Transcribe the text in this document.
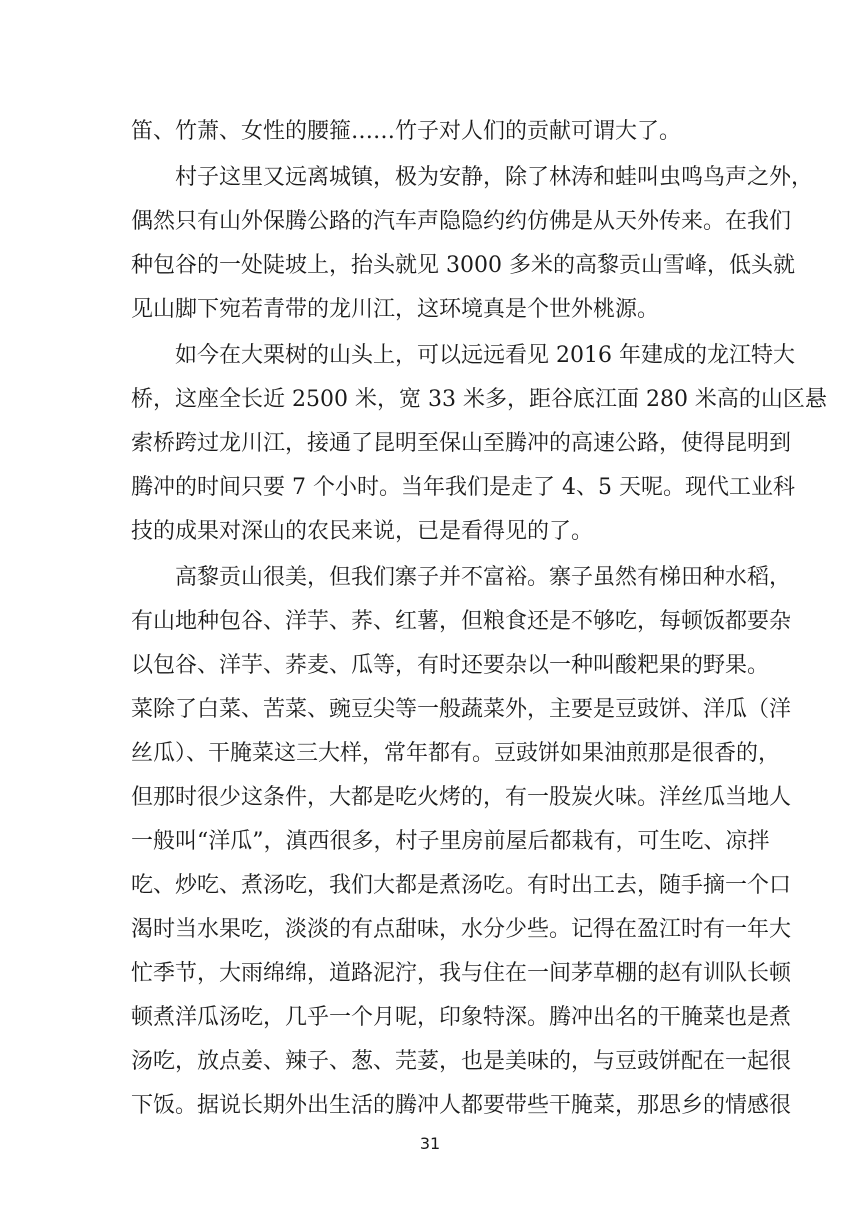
笛、竹萧、女性的腰箍……竹子对人们的贡献可谓大了。
村子这里又远离城镇，极为安静，除了林涛和蛙叫虫鸣鸟声之外，
偶然只有山外保腾公路的汽车声隐隐约约仿佛是从天外传来。在我们
种包谷的一处陡坡上，抬头就见 3000 多米的高黎贡山雪峰，低头就
见山脚下宛若青带的龙川江，这环境真是个世外桃源。
如今在大栗树的山头上，可以远远看见 2016 年建成的龙江特大
桥，这座全长近 2500 米，宽 33 米多，距谷底江面 280 米高的山区悬
索桥跨过龙川江，接通了昆明至保山至腾冲的高速公路，使得昆明到
腾冲的时间只要 7 个小时。当年我们是走了 4、5 天呢。现代工业科
技的成果对深山的农民来说，已是看得见的了。
高黎贡山很美，但我们寨子并不富裕。寨子虽然有梯田种水稻，
有山地种包谷、洋芋、荞、红薯，但粮食还是不够吃，每顿饭都要杂
以包谷、洋芋、荞麦、瓜等，有时还要杂以一种叫酸粑果的野果。
菜除了白菜、苦菜、豌豆尖等一般蔬菜外，主要是豆豉饼、洋瓜（洋
丝瓜）、干腌菜这三大样，常年都有。豆豉饼如果油煎那是很香的，
但那时很少这条件，大都是吃火烤的，有一股炭火味。洋丝瓜当地人
一般叫“洋瓜”，滇西很多，村子里房前屋后都栽有，可生吃、凉拌
吃、炒吃、煮汤吃，我们大都是煮汤吃。有时出工去，随手摘一个口
渴时当水果吃，淡淡的有点甜味，水分少些。记得在盈江时有一年大
忙季节，大雨绵绵，道路泥泞，我与住在一间茅草棚的赵有训队长顿
顿煮洋瓜汤吃，几乎一个月呢，印象特深。腾冲出名的干腌菜也是煮
汤吃，放点姜、辣子、葱、芫荽，也是美味的，与豆豉饼配在一起很
下饭。据说长期外出生活的腾冲人都要带些干腌菜，那思乡的情感很
31
